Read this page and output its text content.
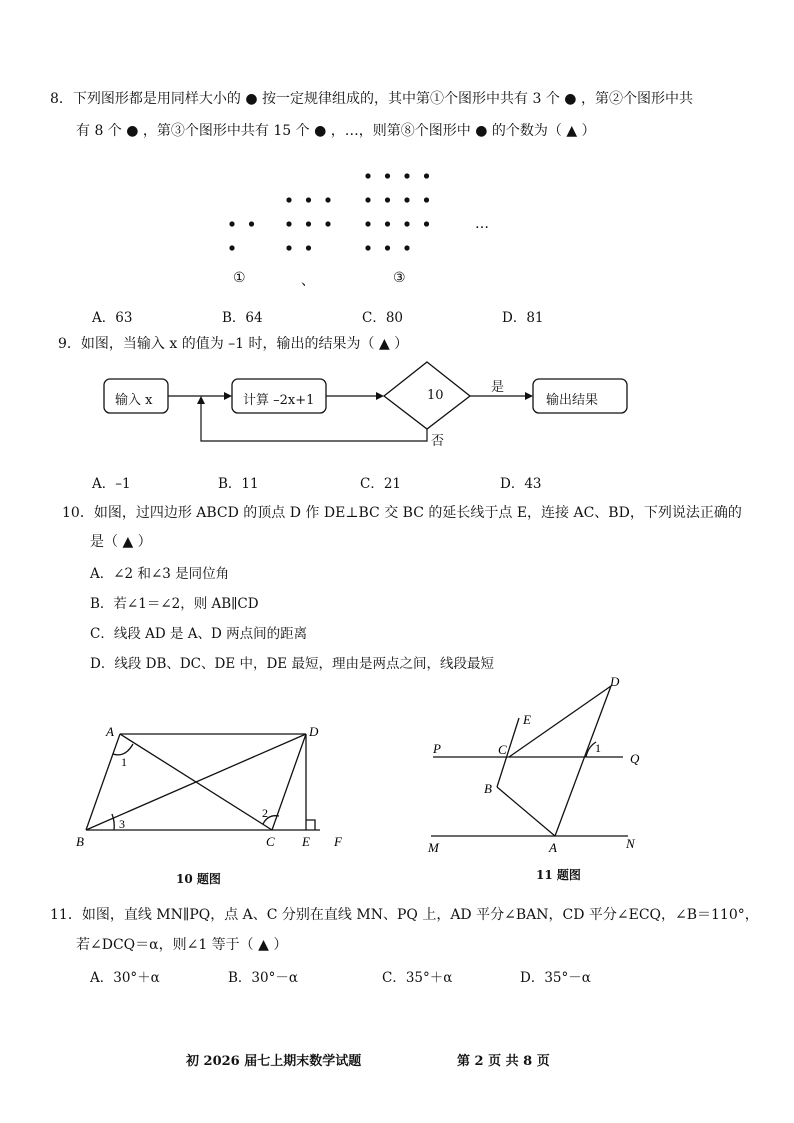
8．下列图形都是用同样大小的 ● 按一定规律组成的，其中第①个图形中共有 3 个 ● ，第②个图形中共
有 8 个 ● ，第③个图形中共有 15 个 ● ，…，则第⑧个图形中 ● 的个数为（ ▲ ）
①	、	③
…
A．63	B．64	C．80	D．81
9．如图，当输入 x 的值为 –1 时，输出的结果为（ ▲ ）
输入 x	计算 –2x+1	10
是
否
输出结果
A．–1	B．11	C．21	D．43
10．如图，过四边形 ABCD 的顶点 D 作 DE⊥BC 交 BC 的延长线于点 E，连接 AC、BD，下列说法正确的
是（ ▲ ）
A．∠2 和∠3 是同位角
B．若∠1＝∠2，则 AB∥CD
C．线段 AD 是 A、D 两点间的距离
D．线段 DB、DC、DE 中，DE 最短，理由是两点之间，线段最短
A
B	C
D
E F
1
2
3
10 题图
P
Q
M	N
A
B
C
D
E
1
11 题图
11．如图，直线 MN∥PQ，点 A、C 分别在直线 MN、PQ 上，AD 平分∠BAN，CD 平分∠ECQ，∠B＝110°，
若∠DCQ＝α，则∠1 等于（ ▲ ）
A．30°＋α	B．30°－α	C．35°＋α	D．35°－α
初 2026 届七上期末数学试题	第 2 页 共 8 页
